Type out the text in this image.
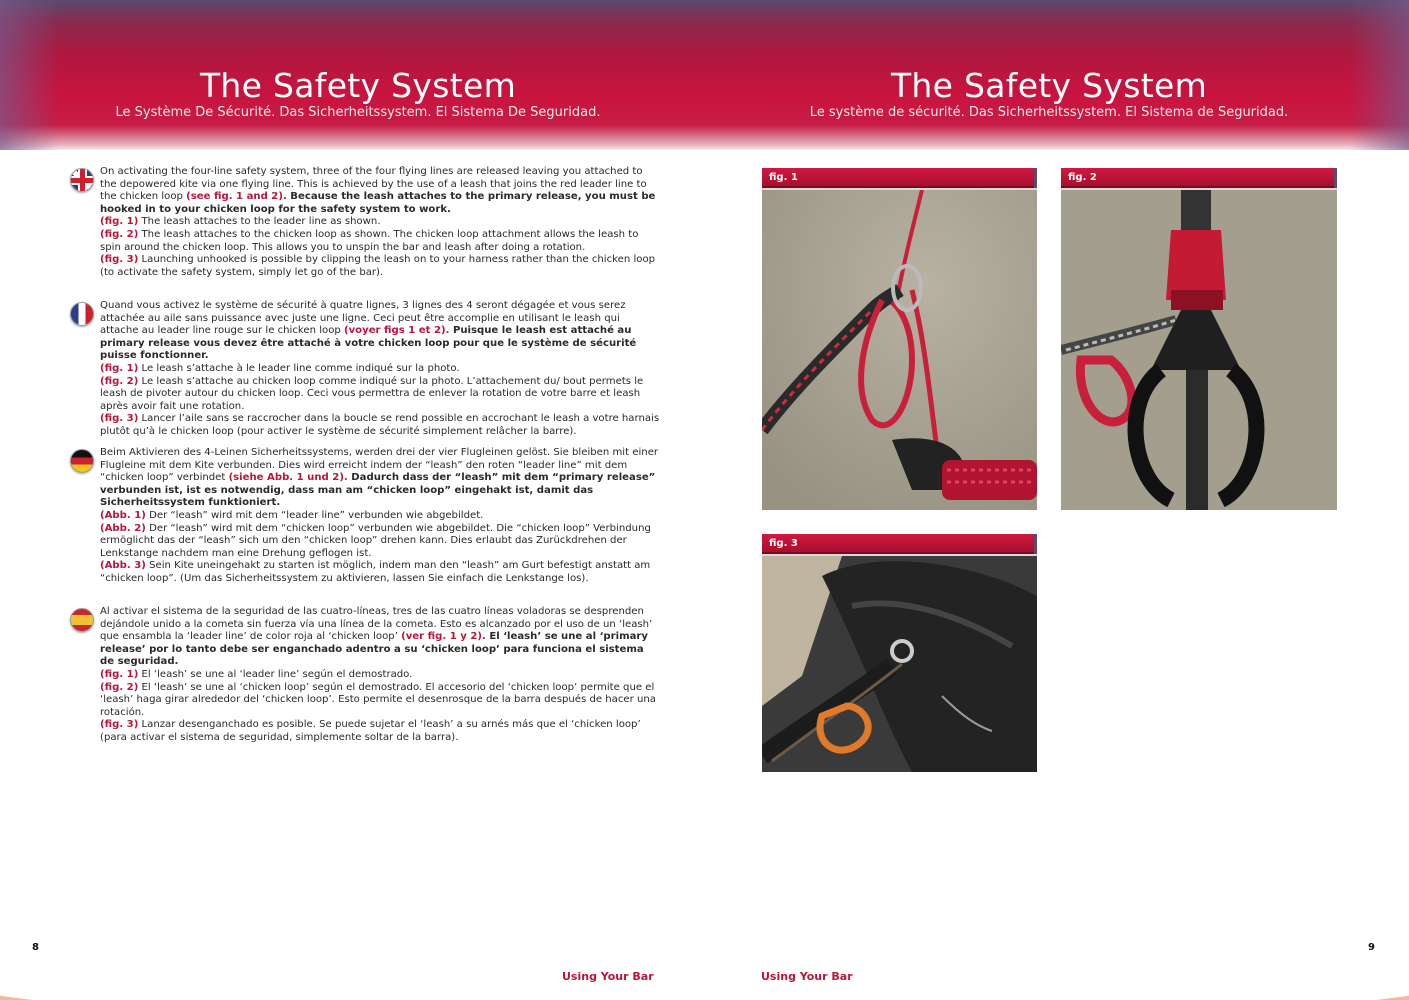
The Safety System
Le Système De Sécurité. Das Sicherheitssystem. El Sistema De Seguridad.
The Safety System
Le système de sécurité. Das Sicherheitssystem. El Sistema de Seguridad.

On activating the four-line safety system, three of the four flying lines are released leaving you attached to the depowered kite via one flying line. This is achieved by the use of a leash that joins the red leader line to the chicken loop (see fig. 1 and 2). Because the leash attaches to the primary release, you must be hooked in to your chicken loop for the safety system to work.

(fig. 1) The leash attaches to the leader line as shown.

(fig. 2) The leash attaches to the chicken loop as shown. The chicken loop attachment allows the leash to spin around the chicken loop. This allows you to unspin the bar and leash after doing a rotation.

(fig. 3) Launching unhooked is possible by clipping the leash on to your harness rather than the chicken loop (to activate the safety system, simply let go of the bar).

Quand vous activez le système de sécurité à quatre lignes, 3 lignes des 4 seront dégagée et vous serez attachée au aile sans puissance avec juste une ligne. Ceci peut être accomplie en utilisant le leash qui attache au leader line rouge sur le chicken loop (voyer figs 1 et 2). Puisque le leash est attaché au primary release vous devez être attaché à votre chicken loop pour que le système de sécurité puisse fonctionner.

(fig. 1) Le leash s’attache à le leader line comme indiqué sur la photo.

(fig. 2) Le leash s’attache au chicken loop comme indiqué sur la photo. L’attachement du/ bout permets le leash de pivoter autour du chicken loop. Ceci vous permettra de enlever la rotation de votre barre et leash après avoir fait une rotation.

(fig. 3) Lancer l’aile sans se raccrocher dans la boucle se rend possible en accrochant le leash a votre harnais plutôt qu’à le chicken loop (pour activer le système de sécurité simplement relâcher la barre).

Beim Aktivieren des 4-Leinen Sicherheitssystems, werden drei der vier Flugleinen gelöst. Sie bleiben mit einer Flugleine mit dem Kite verbunden. Dies wird erreicht indem der “leash” den roten “leader line” mit dem “chicken loop” verbindet (siehe Abb. 1 und 2). Dadurch dass der “leash” mit dem “primary release” verbunden ist, ist es notwendig, dass man am “chicken loop” eingehakt ist, damit das Sicherheitssystem funktioniert.

(Abb. 1) Der “leash” wird mit dem “leader line” verbunden wie abgebildet.

(Abb. 2) Der “leash” wird mit dem “chicken loop” verbunden wie abgebildet. Die “chicken loop” Verbindung ermöglicht das der “leash” sich um den “chicken loop” drehen kann. Dies erlaubt das Zurückdrehen der Lenkstange nachdem man eine Drehung geflogen ist.

(Abb. 3) Sein Kite uneingehakt zu starten ist möglich, indem man den “leash” am Gurt befestigt anstatt am “chicken loop”. (Um das Sicherheitssystem zu aktivieren, lassen Sie einfach die Lenkstange los).

Al activar el sistema de la seguridad de las cuatro-líneas, tres de las cuatro líneas voladoras se desprenden dejándole unido a la cometa sin fuerza vía una línea de la cometa. Esto es alcanzado por el uso de un ‘leash’ que ensambla la ‘leader line’ de color roja al ‘chicken loop’ (ver fig. 1 y 2). El ‘leash’ se une al ‘primary release’ por lo tanto debe ser enganchado adentro a su ‘chicken loop’ para funciona el sistema de seguridad.

(fig. 1) El ‘leash’ se une al ‘leader line’ según el demostrado.

(fig. 2) El ‘leash’ se une al ‘chicken loop’ según el demostrado. El accesorio del ‘chicken loop’ permite que el ‘leash’ haga girar alrededor del ‘chicken loop’. Esto permite el desenrosque de la barra después de hacer una rotación.

(fig. 3) Lanzar desenganchado es posible. Se puede sujetar el ‘leash’ a su arnés más que el ‘chicken loop’ (para activar el sistema de seguridad, simplemente soltar de la barra).

fig. 1	fig. 2
fig. 3
8	9
Using Your Bar	Using Your Bar
